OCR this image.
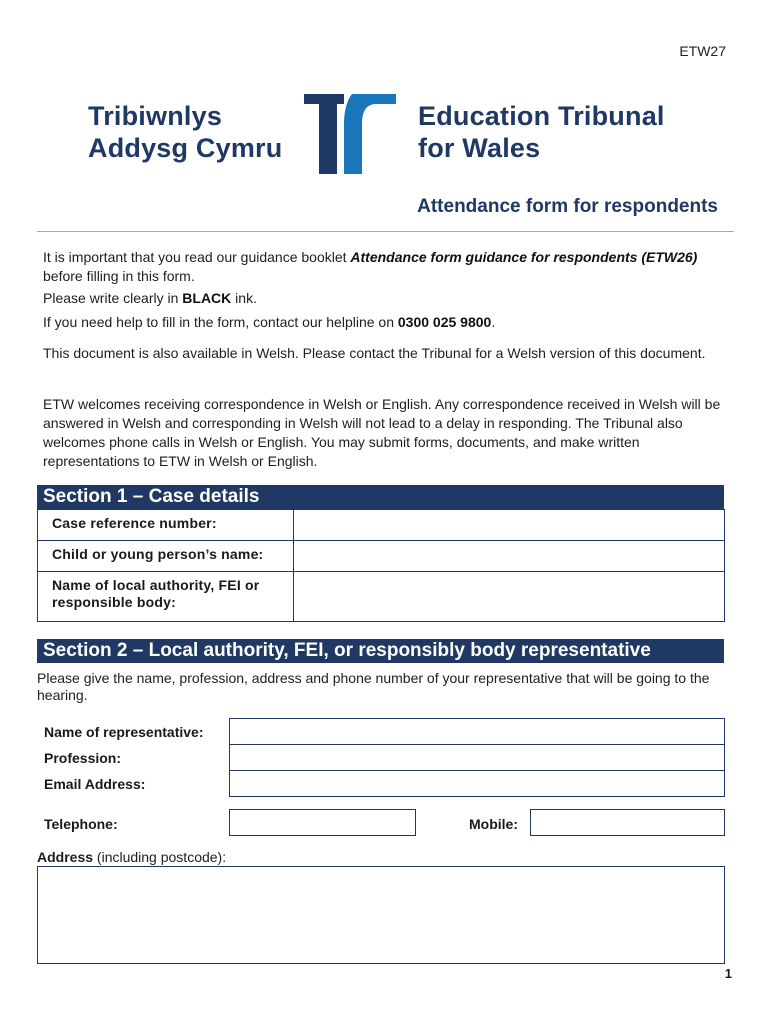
ETW27
Tribiwnlys
Addysg Cymru
Education Tribunal
for Wales
Attendance form for respondents
It is important that you read our guidance booklet Attendance form guidance for respondents (ETW26) before filling in this form.
Please write clearly in BLACK ink.
If you need help to fill in the form, contact our helpline on 0300 025 9800.
This document is also available in Welsh. Please contact the Tribunal for a Welsh version of this document.
ETW welcomes receiving correspondence in Welsh or English. Any correspondence received in Welsh will be answered in Welsh and corresponding in Welsh will not lead to a delay in responding. The Tribunal also welcomes phone calls in Welsh or English. You may submit forms, documents, and make written representations to ETW in Welsh or English.
Section 1 – Case details
Case reference number:	
Child or young person’s name:	
Name of local authority, FEI or responsible body:	
Section 2 – Local authority, FEI, or responsibly body representative
Please give the name, profession, address and phone number of your representative that will be going to the hearing.
Name of representative:
Profession:
Email Address:
Telephone:	Mobile:
Address (including postcode):
1
